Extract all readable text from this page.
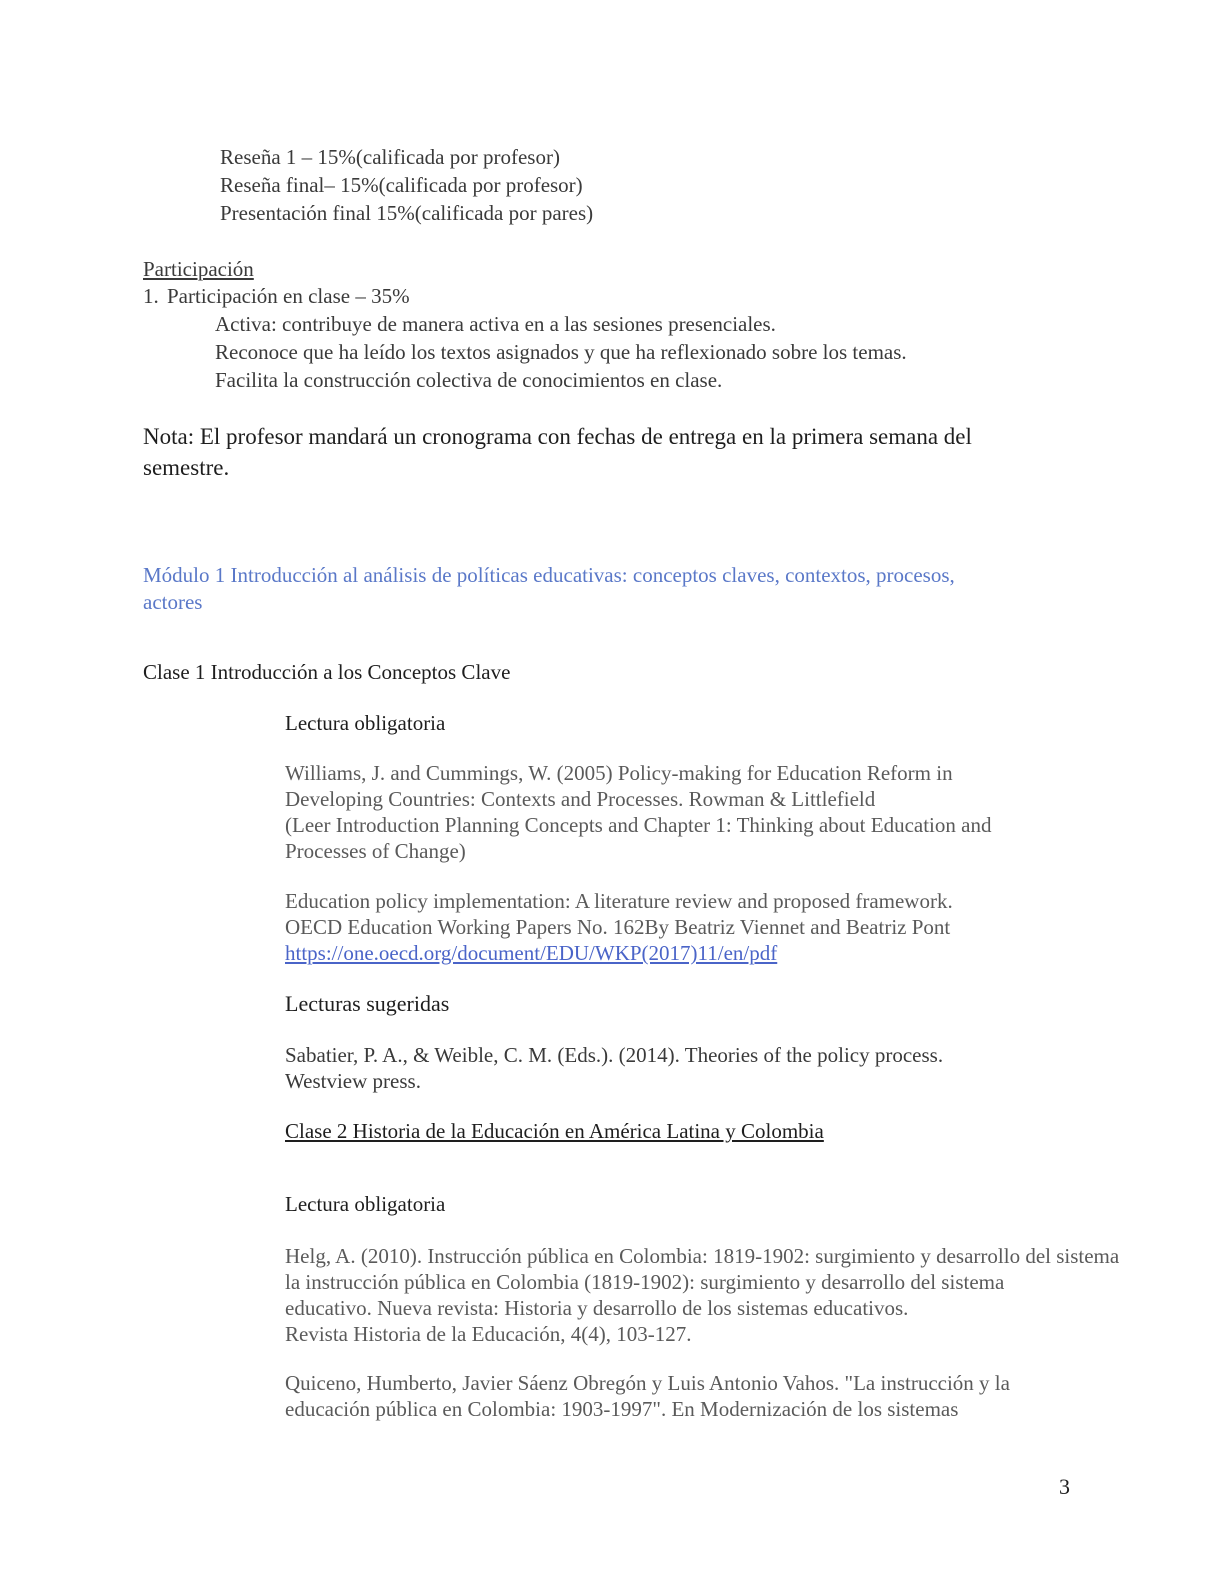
Reseña 1 – 15%(calificada por profesor)
Reseña final– 15%(calificada por profesor)
Presentación final 15%(calificada por pares)
Participación
1. Participación en clase – 35%
Activa: contribuye de manera activa en a las sesiones presenciales.
Reconoce que ha leído los textos asignados y que ha reflexionado sobre los temas.
Facilita la construcción colectiva de conocimientos en clase.
Nota: El profesor mandará un cronograma con fechas de entrega en la primera semana del
semestre.
Módulo 1 Introducción al análisis de políticas educativas: conceptos claves, contextos, procesos,
actores
Clase 1 Introducción a los Conceptos Clave
Lectura obligatoria
Williams, J. and Cummings, W. (2005) Policy-making for Education Reform in
Developing Countries: Contexts and Processes. Rowman & Littlefield
(Leer Introduction Planning Concepts and Chapter 1: Thinking about Education and
Processes of Change)
Education policy implementation: A literature review and proposed framework.
OECD Education Working Papers No. 162By Beatriz Viennet and Beatriz Pont
https://one.oecd.org/document/EDU/WKP(2017)11/en/pdf
Lecturas sugeridas
Sabatier, P. A., & Weible, C. M. (Eds.). (2014). Theories of the policy process.
Westview press.
Clase 2 Historia de la Educación en América Latina y Colombia
Lectura obligatoria
Helg, A. (2010). Instrucción pública en Colombia: 1819-1902: surgimiento y desarrollo del sistema
la instrucción pública en Colombia (1819-1902): surgimiento y desarrollo del sistema
educativo. Nueva revista: Historia y desarrollo de los sistemas educativos.
Revista Historia de la Educación, 4(4), 103-127.
Quiceno, Humberto, Javier Sáenz Obregón y Luis Antonio Vahos. "La instrucción y la
educación pública en Colombia: 1903-1997". En Modernización de los sistemas
3
